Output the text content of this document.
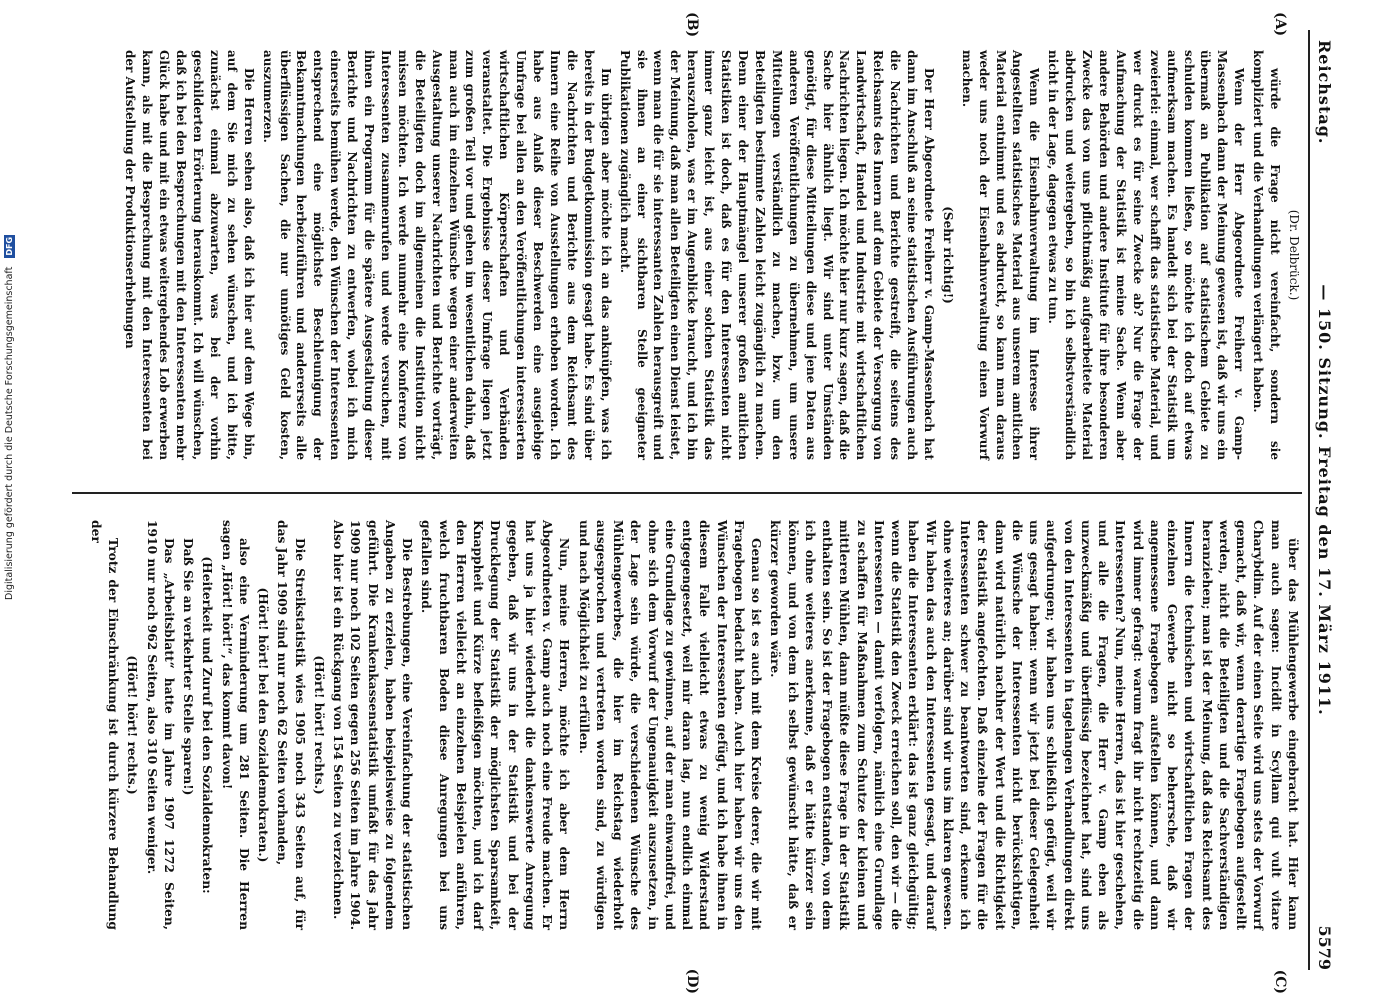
Reichstag.
— 150. Sitzung. Freitag den 17. März 1911.
5579
(A)
(B)
(C)
(D)

(Dr. Delbrück.)

würde die Frage nicht vereinfacht, sondern sie kompliziert und die Verhandlungen verlängert haben.

Wenn der Herr Abgeordnete Freiherr v. Gamp-Massenbach dann der Meinung gewesen ist, daß wir uns ein übermaß an Publikation auf statistischem Gebiete zu schulden kommen ließen, so möchte ich doch auf etwas aufmerksam machen. Es handelt sich bei der Statistik um zweierlei: einmal, wer schafft das statistische Material, und wer druckt es für seine Zwecke ab? Nur die Frage der Aufmachung der Statistik ist meine Sache. Wenn aber andere Behörden und andere Institute für ihre besonderen Zwecke das von uns pflichtmäßig aufgearbeitete Material abdrucken und weitergeben, so bin ich selbstverständlich nicht in der Lage, dagegen etwas zu tun.

Wenn die Eisenbahnverwaltung im Interesse ihrer Angestellten statistisches Material aus unserem amtlichen Material entnimmt und es abdruckt, so kann man daraus weder uns noch der Eisenbahnverwaltung einen Vorwurf machen.

(Sehr richtig!)

Der Herr Abgeordnete Freiherr v. Gamp-Massenbach hat dann im Anschluß an seine statistischen Ausführungen auch die Nachrichten und Berichte gestreift, die seitens des Reichsamts des Innern auf dem Gebiete der Versorgung von Landwirtschaft, Handel und Industrie mit wirtschaftlichen Nachrichten liegen. Ich möchte hier nur kurz sagen, daß die Sache hier ähnlich liegt. Wir sind unter Umständen genötigt, für diese Mitteilungen diese und jene Daten aus anderen Veröffentlichungen zu übernehmen, um unsere Mitteilungen verständlich zu machen, bzw. um den Beteiligten bestimmte Zahlen leicht zugänglich zu machen. Denn einer der Hauptmängel unserer großen amtlichen Statistiken ist doch, daß es für den Interessenten nicht immer ganz leicht ist, aus einer solchen Statistik das herauszuholen, was er im Augenblicke braucht, und ich bin der Meinung, daß man allen Beteiligten einen Dienst leistet, wenn man die für sie interessanten Zahlen herausgreift und sie ihnen an einer sichtbaren Stelle geeigneter Publikationen zugänglich macht.

Im übrigen aber möchte ich an das anknüpfen, was ich bereits in der Budgetkommission gesagt habe. Es sind über die Nachrichten und Berichte aus dem Reichsamt des Innern eine Reihe von Ausstellungen erhoben worden. Ich habe aus Anlaß dieser Beschwerden eine ausgiebige Umfrage bei allen an den Veröffentlichungen interessierten wirtschaftlichen Körperschaften und Verbänden veranstaltet. Die Ergebnisse dieser Umfrage liegen jetzt zum großen Teil vor und gehen im wesentlichen dahin, daß man auch im einzelnen Wünsche wegen einer anderweiten Ausgestaltung unserer Nachrichten und Berichte vorträgt, die Beteiligten doch im allgemeinen die Institution nicht missen möchten. Ich werde nunmehr eine Konferenz von Interessenten zusammenrufen und werde versuchen, mit ihnen ein Programm für die spätere Ausgestaltung dieser Berichte und Nachrichten zu entwerfen, wobei ich mich einerseits bemühen werde, den Wünschen der Interessenten entsprechend eine möglichste Beschleunigung der Bekanntmachungen herbeizuführen und andererseits alle überflüssigen Sachen, die nur unnötiges Geld kosten, auszumerzen.

Die Herren sehen also, daß ich hier auf dem Wege bin, auf dem Sie mich zu sehen wünschen, und ich bitte, zunächst einmal abzuwarten, was bei der vorhin geschilderten Erörterung herauskommt. Ich will wünschen, daß ich bei den Besprechungen mit den Interessenten mehr Glück habe und mit ein etwas weitergehendes Lob erwerben kann, als mit die Besprechung mit den Interessenten bei der Aufstellung der Produktionserhebungen

über das Mühlengewerbe eingebracht hat. Hier kann man auch sagen: Incidit in Scyllam qui vult vitare Charybdim. Auf der einen Seite wird uns stets der Vorwurf gemacht, daß wir, wenn derartige Fragebogen aufgestellt werden, nicht die Beteiligten und die Sachverständigen heranziehen; man ist der Meinung, daß das Reichsamt des Innern die technischen und wirtschaftlichen Fragen der einzelnen Gewerbe nicht so beherrsche, daß wir angemessene Fragebogen aufstellen können, und dann wird immer gefragt: warum fragt ihr nicht rechtzeitig die Interessenten? Nun, meine Herren, das ist hier geschehen, und alle die Fragen, die Herr v. Gamp eben als unzweckmäßig und überflüssig bezeichnet hat, sind uns von den Interessenten in tagelangen Verhandlungen direkt aufgedrungen; wir haben uns schließlich gefügt, weil wir uns gesagt haben: wenn wir jetzt bei dieser Gelegenheit die Wünsche der Interessenten nicht berücksichtigen, dann wird natürlich nachher der Wert und die Richtigkeit der Statistik angefochten. Daß einzelne der Fragen für die Interessenten schwer zu beantworten sind, erkenne ich ohne weiteres an; darüber sind wir uns im klaren gewesen. Wir haben das auch den Interessenten gesagt, und darauf haben die Interessenten erklärt: das ist ganz gleichgültig; wenn die Statistik den Zweck erreichen soll, den wir — die Interessenten — damit verfolgen, nämlich eine Grundlage zu schaffen für Maßnahmen zum Schutze der kleinen und mittleren Mühlen, dann müßte diese Frage in der Statistik enthalten sein. So ist der Fragebogen entstanden, von dem ich ohne weiteres anerkenne, daß er hätte kürzer sein können, und von dem ich selbst gewünscht hätte, daß er kürzer geworden wäre.

Genau so ist es auch mit dem Kreise derer, die wir mit Fragebogen bedacht haben. Auch hier haben wir uns den Wünschen der Interessenten gefügt, und ich habe ihnen in diesem Falle vielleicht etwas zu wenig Widerstand entgegengesetzt, weil mir daran lag, nun endlich einmal eine Grundlage zu gewinnen, auf der man einwandfrei, und ohne sich dem Vorwurf der Ungenauigkeit auszusetzen, in der Lage sein würde, die verschiedenen Wünsche des Mühlengewerbes, die hier im Reichstag wiederholt ausgesprochen und vertreten worden sind, zu würdigen und nach Möglichkeit zu erfüllen.

Nun, meine Herren, möchte ich aber dem Herrn Abgeordneten v. Gamp auch noch eine Freude machen. Er hat uns ja hier wiederholt die dankenswerte Anregung gegeben, daß wir uns in der Statistik und bei der Drucklegung der Statistik der möglichsten Sparsamkeit, Knappheit und Kürze befleißigen möchten, und ich darf den Herren vielleicht an einzelnen Beispielen anführen, welch fruchtbaren Boden diese Anregungen bei uns gefallen sind.

Die Bestrebungen, eine Vereinfachung der statistischen Angaben zu erzielen, haben beispielsweise zu folgendem geführt. Die Krankenkassenstatistik umfaßt für das Jahr 1909 nur noch 102 Seiten gegen 256 Seiten im Jahre 1904. Also hier ist ein Rückgang von 154 Seiten zu verzeichnen.

(Hört! hört! rechts.)

Die Streikstatistik wies 1905 noch 343 Seiten auf, für das Jahr 1909 sind nur noch 62 Seiten vorhanden,

(Hört! hört! bei den Sozialdemokraten.)

also eine Verminderung um 281 Seiten. Die Herren sagen „Hört! hört!“, das kommt davon!

(Heiterkeit und Zuruf bei den Sozialdemokraten:

Daß Sie an verkehrter Stelle sparen!)

Das „Arbeitsblatt“ hatte im Jahre 1907 1272 Seiten, 1910 nur noch 962 Seiten, also 310 Seiten weniger.

(Hört! hört! rechts.)

Trotz der Einschränkung ist durch kürzere Behandlung der

Digitalisierung gefördert durch die Deutsche Forschungsgemeinschaft DFG
